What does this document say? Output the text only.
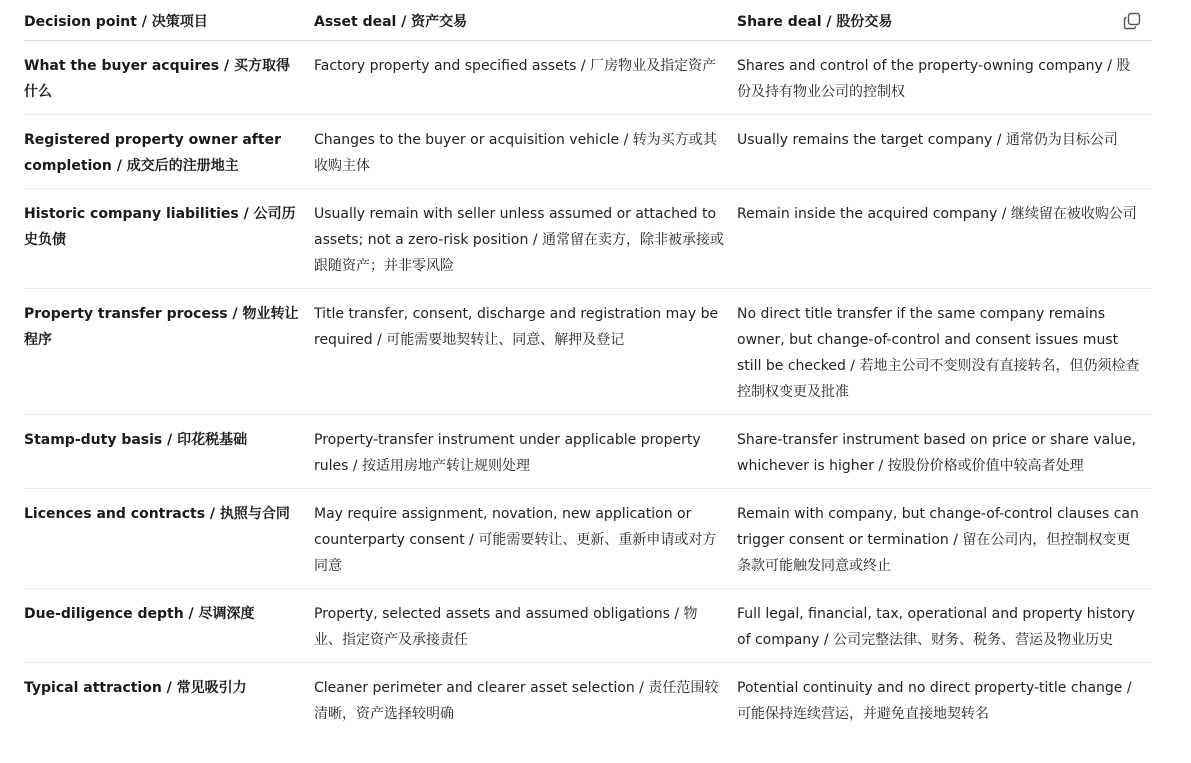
Decision point / 决策项目	Asset deal / 资产交易	Share deal / 股份交易
What the buyer acquires / 买方取得什么	Factory property and specified assets / 厂房物业及指定资产	Shares and control of the property-owning company / 股份及持有物业公司的控制权
Registered property owner after completion / 成交后的注册地主	Changes to the buyer or acquisition vehicle / 转为买方或其收购主体	Usually remains the target company / 通常仍为目标公司
Historic company liabilities / 公司历史负债	Usually remain with seller unless assumed or attached to assets; not a zero-risk position / 通常留在卖方，除非被承接或跟随资产；并非零风险	Remain inside the acquired company / 继续留在被收购公司
Property transfer process / 物业转让程序	Title transfer, consent, discharge and registration may be required / 可能需要地契转让、同意、解押及登记	No direct title transfer if the same company remains owner, but change-of-control and consent issues must still be checked / 若地主公司不变则没有直接转名，但仍须检查控制权变更及批准
Stamp-duty basis / 印花税基础	Property-transfer instrument under applicable property rules / 按适用房地产转让规则处理	Share-transfer instrument based on price or share value, whichever is higher / 按股份价格或价值中较高者处理
Licences and contracts / 执照与合同	May require assignment, novation, new application or counterparty consent / 可能需要转让、更新、重新申请或对方同意	Remain with company, but change-of-control clauses can trigger consent or termination / 留在公司内，但控制权变更条款可能触发同意或终止
Due-diligence depth / 尽调深度	Property, selected assets and assumed obligations / 物业、指定资产及承接责任	Full legal, financial, tax, operational and property history of company / 公司完整法律、财务、税务、营运及物业历史
Typical attraction / 常见吸引力	Cleaner perimeter and clearer asset selection / 责任范围较清晰，资产选择较明确	Potential continuity and no direct property-title change / 可能保持连续营运，并避免直接地契转名
